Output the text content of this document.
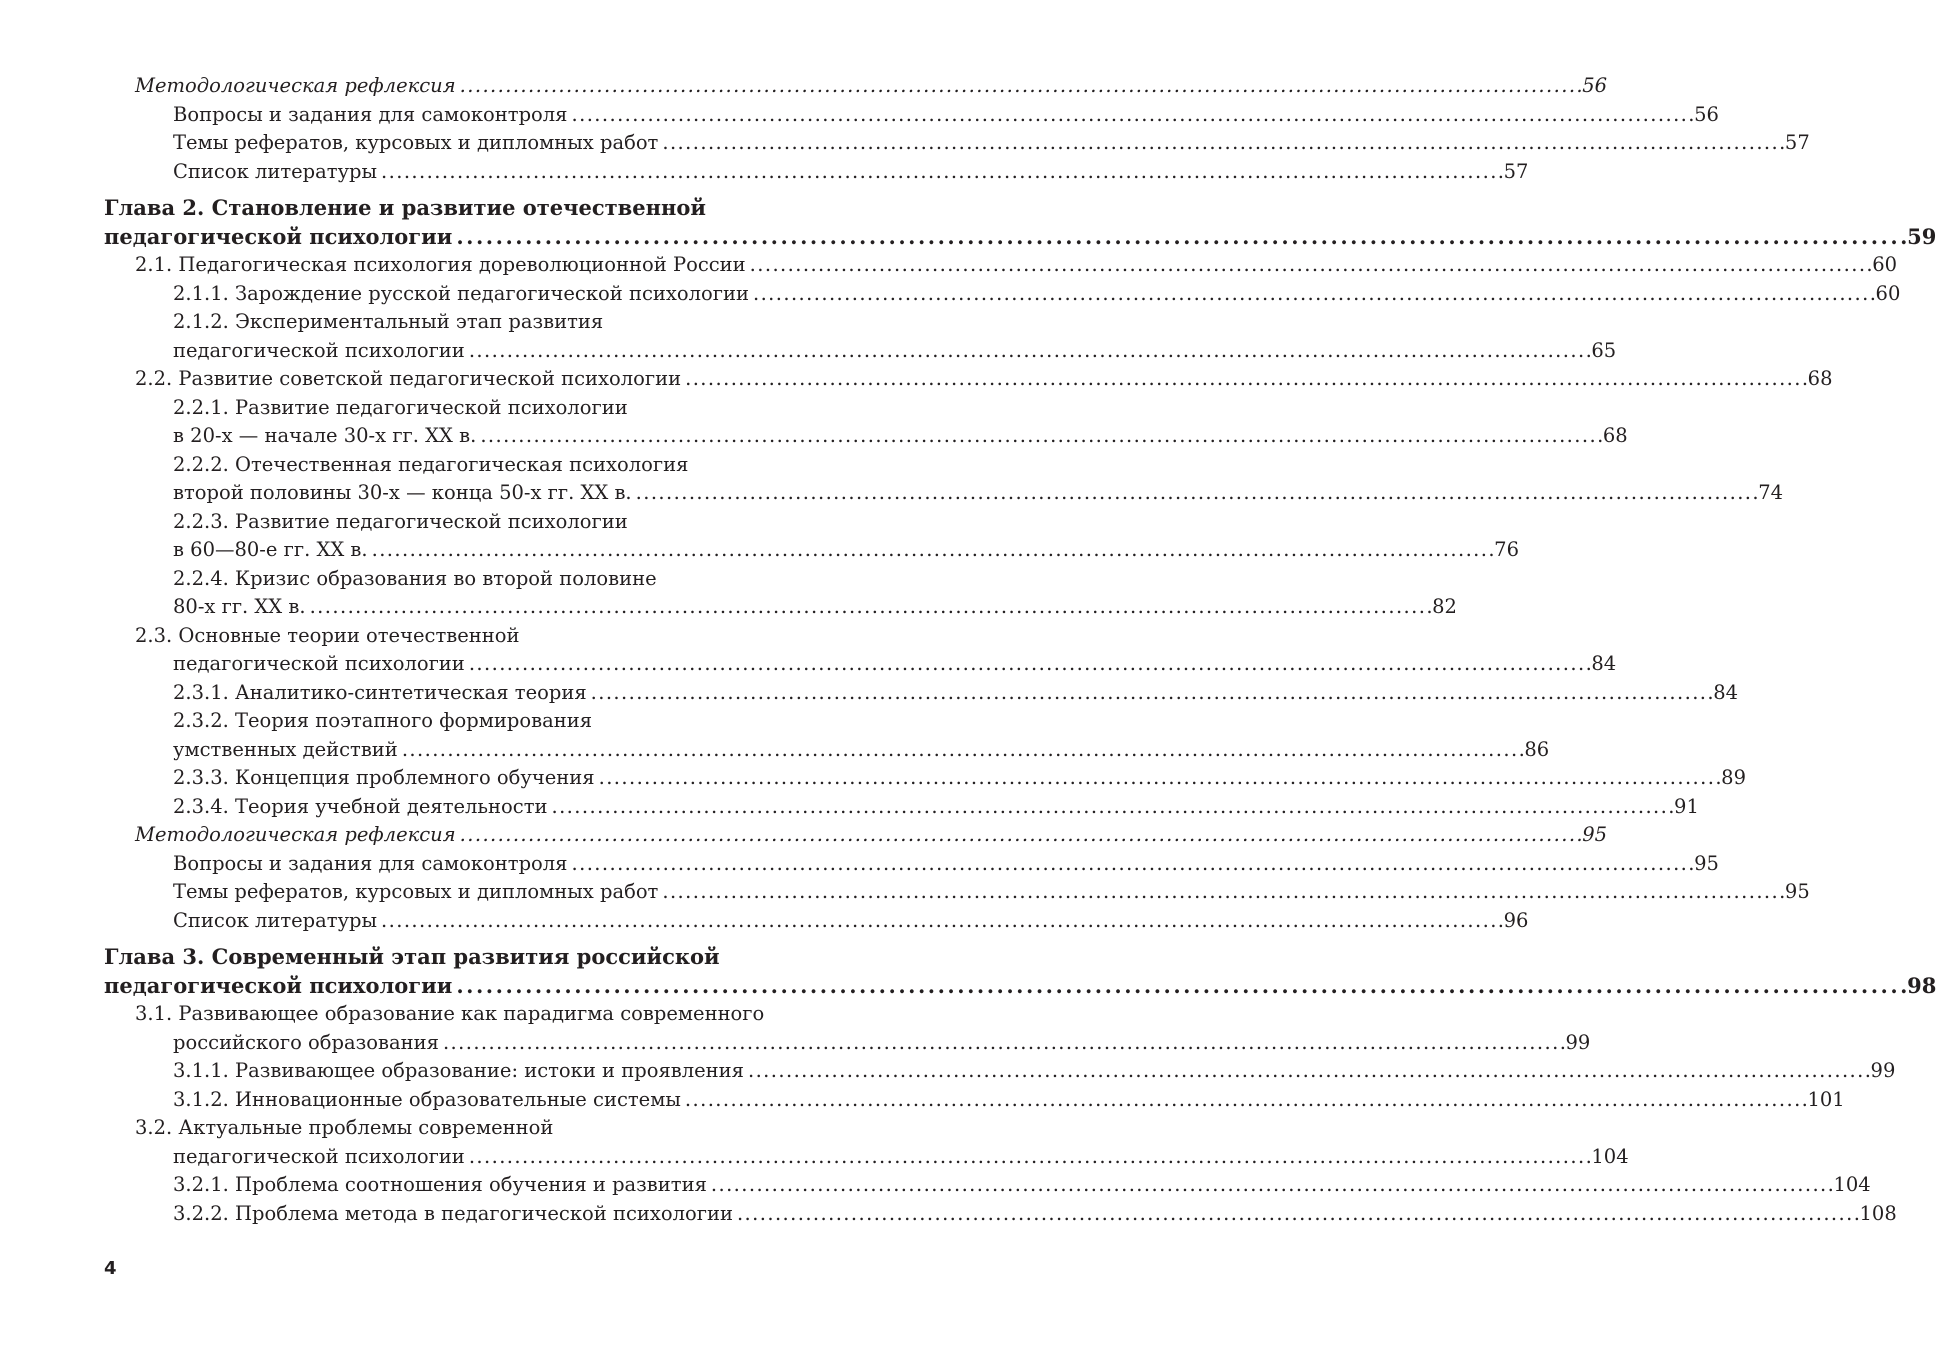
Методологическая рефлексия . . .	56
Вопросы и задания для самоконтроля . . .	56
Темы рефератов, курсовых и дипломных работ . . .	57
Список литературы . . .	57
Глава 2. Становление и развитие отечественной
педагогической психологии . . .	59
2.1. Педагогическая психология дореволюционной России . . .	60
2.1.1. Зарождение русской педагогической психологии . . .	60
2.1.2. Экспериментальный этап развития
педагогической психологии . . .	65
2.2. Развитие советской педагогической психологии . . .	68
2.2.1. Развитие педагогической психологии
в 20-х — начале 30-х гг. XX в. . . .	68
2.2.2. Отечественная педагогическая психология
второй половины 30-х — конца 50-х гг. XX в. . . .	74
2.2.3. Развитие педагогической психологии
в 60—80-е гг. XX в. . . .	76
2.2.4. Кризис образования во второй половине
80-х гг. XX в. . . .	82
2.3. Основные теории отечественной
педагогической психологии . . .	84
2.3.1. Аналитико-синтетическая теория . . .	84
2.3.2. Теория поэтапного формирования
умственных действий . . .	86
2.3.3. Концепция проблемного обучения . . .	89
2.3.4. Теория учебной деятельности . . .	91
Методологическая рефлексия . . .	95
Вопросы и задания для самоконтроля . . .	95
Темы рефератов, курсовых и дипломных работ . . .	95
Список литературы . . .	96
Глава 3. Современный этап развития российской
педагогической психологии . . .	98
3.1. Развивающее образование как парадигма современного
российского образования . . .	99
3.1.1. Развивающее образование: истоки и проявления . . .	99
3.1.2. Инновационные образовательные системы . . .	101
3.2. Актуальные проблемы современной
педагогической психологии . . .	104
3.2.1. Проблема соотношения обучения и развития . . .	104
3.2.2. Проблема метода в педагогической психологии . . .	108
4
